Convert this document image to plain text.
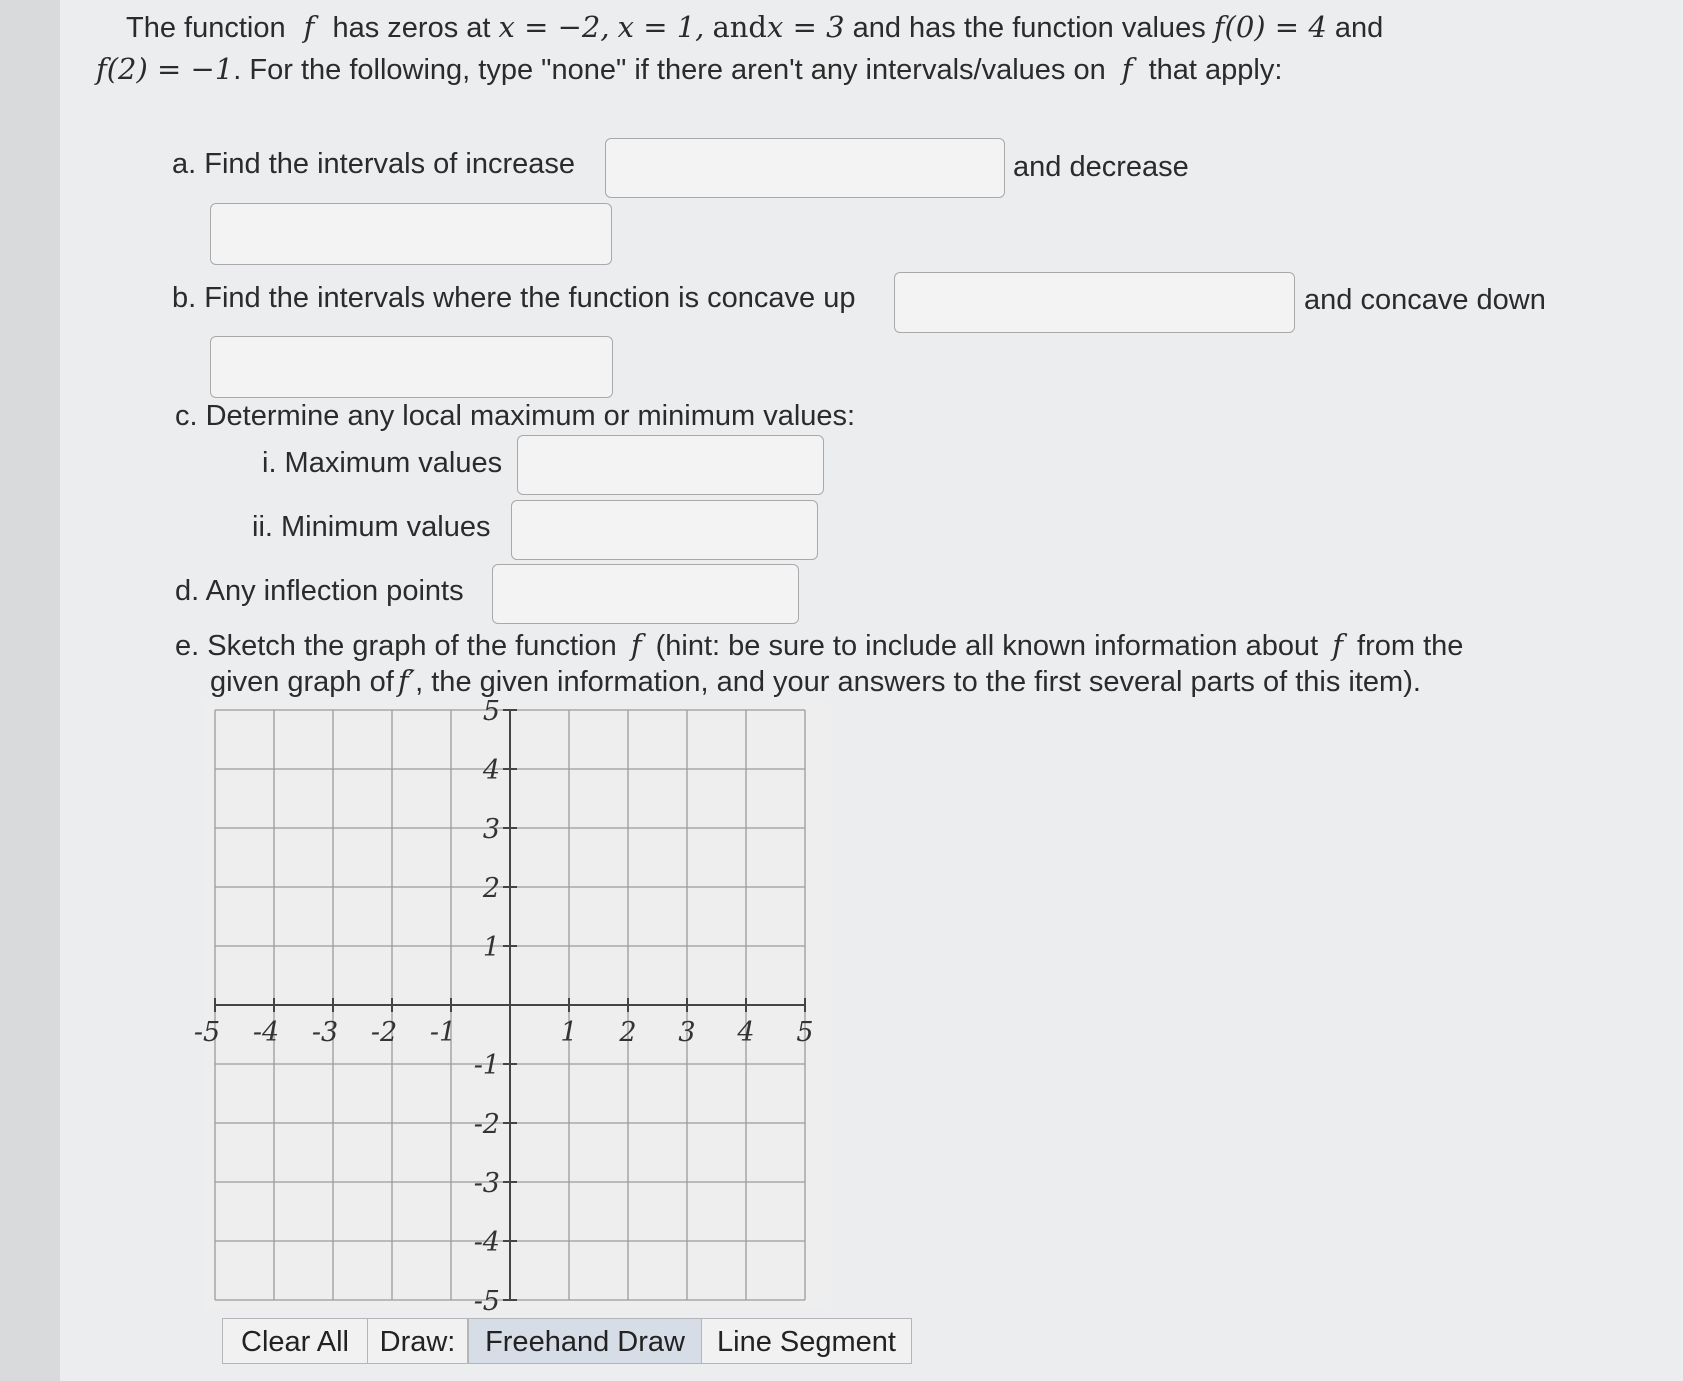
The function f has zeros at x = −2, x = 1, andx = 3 and has the function values f(0) = 4 and
f(2) = −1. For the following, type "none" if there aren't any intervals/values on f that apply:
a. Find the intervals of increase	and decrease
b. Find the intervals where the function is concave up	and concave down
c. Determine any local maximum or minimum values:
i. Maximum values
ii. Minimum values
d. Any inflection points
e. Sketch the graph of the function f (hint: be sure to include all known information about f from the
given graph of f′, the given information, and your answers to the first several parts of this item).
-5 -4 -3 -2 -1	1 2 3 4 5
5
4
3
2
1
-1
-2
-3
-4
-5
Clear All	Draw:	Freehand Draw	Line Segment
